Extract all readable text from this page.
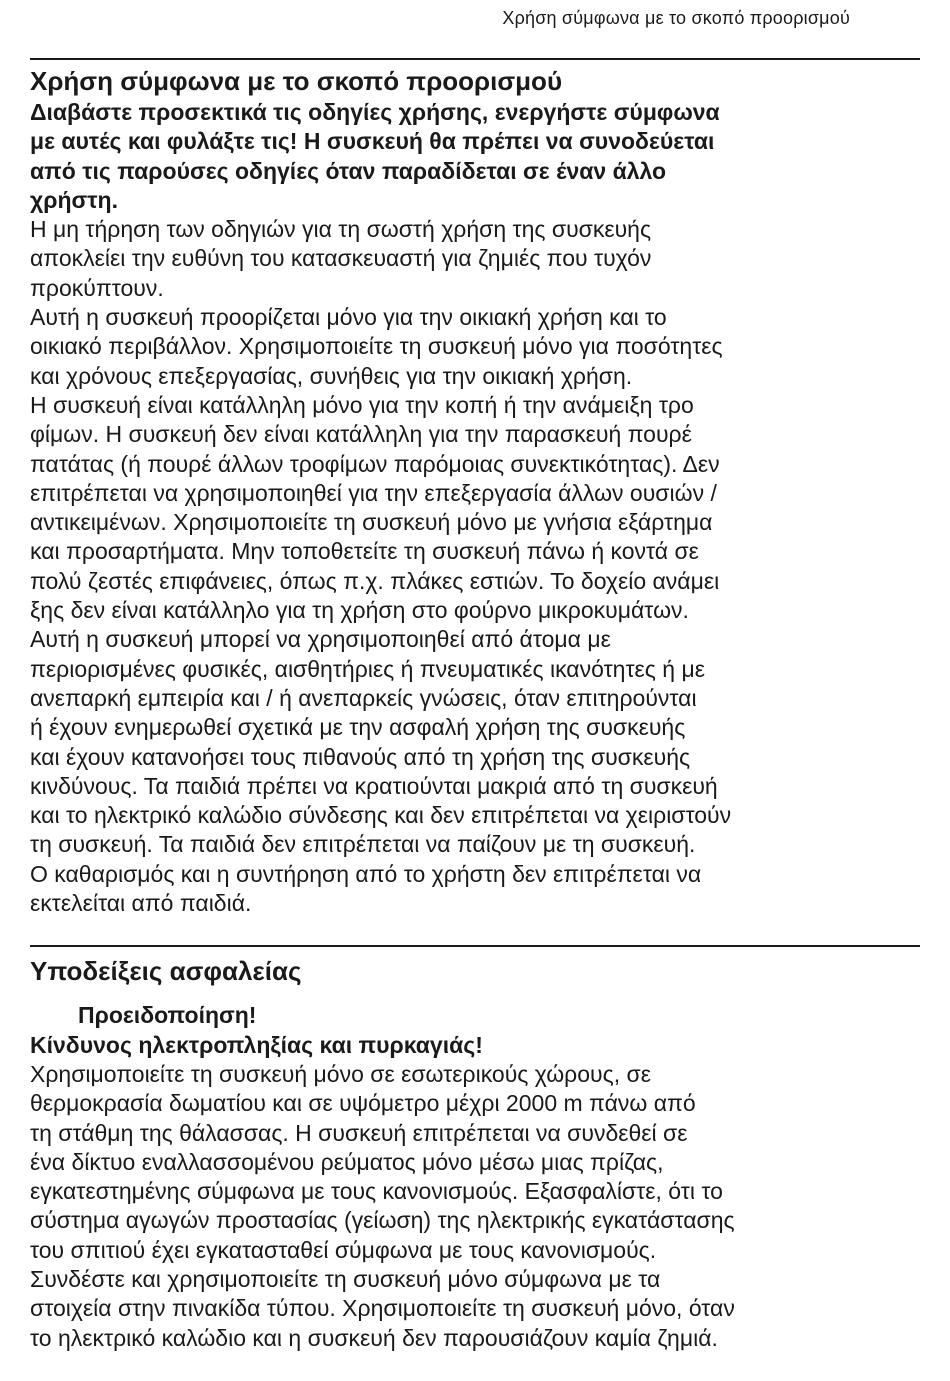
Χρήση σύμφωνα με το σκοπό προορισμού
Χρήση σύμφωνα με το σκοπό προορισμού

Διαβάστε προσεκτικά τις οδηγίες χρήσης, ενεργήστε σύμφωνα

με αυτές και φυλάξτε τις! Η συσκευή θα πρέπει να συνοδεύεται

από τις παρούσες οδηγίες όταν παραδίδεται σε έναν άλλο

χρήστη.

Η μη τήρηση των οδηγιών για τη σωστή χρήση της συσκευής

αποκλείει την ευθύνη του κατασκευαστή για ζημιές που τυχόν

προκύπτουν.

Αυτή η συσκευή προορίζεται μόνο για την οικιακή χρήση και το

οικιακό περιβάλλον. Χρησιμοποιείτε τη συσκευή μόνο για ποσότητες

και χρόνους επεξεργασίας, συνήθεις για την οικιακή χρήση.

Η συσκευή είναι κατάλληλη μόνο για την κοπή ή την ανάμειξη τρο

φίμων. Η συσκευή δεν είναι κατάλληλη για την παρασκευή πουρέ

πατάτας (ή πουρέ άλλων τροφίμων παρόμοιας συνεκτικότητας). Δεν

επιτρέπεται να χρησιμοποιηθεί για την επεξεργασία άλλων ουσιών /

αντικειμένων. Χρησιμοποιείτε τη συσκευή μόνο με γνήσια εξάρτημα

και προσαρτήματα. Μην τοποθετείτε τη συσκευή πάνω ή κοντά σε

πολύ ζεστές επιφάνειες, όπως π.χ. πλάκες εστιών. Το δοχείο ανάμει

ξης δεν είναι κατάλληλο για τη χρήση στο φούρνο μικροκυμάτων.

Αυτή η συσκευή μπορεί να χρησιμοποιηθεί από άτομα με

περιορισμένες φυσικές, αισθητήριες ή πνευματικές ικανότητες ή με

ανεπαρκή εμπειρία και / ή ανεπαρκείς γνώσεις, όταν επιτηρούνται

ή έχουν ενημερωθεί σχετικά με την ασφαλή χρήση της συσκευής

και έχουν κατανοήσει τους πιθανούς από τη χρήση της συσκευής

κινδύνους. Τα παιδιά πρέπει να κρατιούνται μακριά από τη συσκευή

και το ηλεκτρικό καλώδιο σύνδεσης και δεν επιτρέπεται να χειριστούν

τη συσκευή. Τα παιδιά δεν επιτρέπεται να παίζουν με τη συσκευή.

Ο καθαρισμός και η συντήρηση από το χρήστη δεν επιτρέπεται να

εκτελείται από παιδιά.

Υποδείξεις ασφαλείας
Προειδοποίηση!
Κίνδυνος ηλεκτροπληξίας και πυρκαγιάς!

Χρησιμοποιείτε τη συσκευή μόνο σε εσωτερικούς χώρους, σε

θερμοκρασία δωματίου και σε υψόμετρο μέχρι 2000 m πάνω από

τη στάθμη της θάλασσας. Η συσκευή επιτρέπεται να συνδεθεί σε

ένα δίκτυο εναλλασσομένου ρεύματος μόνο μέσω μιας πρίζας,

εγκατεστημένης σύμφωνα με τους κανονισμούς. Εξασφαλίστε, ότι το

σύστημα αγωγών προστασίας (γείωση) της ηλεκτρικής εγκατάστασης

του σπιτιού έχει εγκατασταθεί σύμφωνα με τους κανονισμούς.

Συνδέστε και χρησιμοποιείτε τη συσκευή μόνο σύμφωνα με τα

στοιχεία στην πινακίδα τύπου. Χρησιμοποιείτε τη συσκευή μόνο, όταν

το ηλεκτρικό καλώδιο και η συσκευή δεν παρουσιάζουν καμία ζημιά.
